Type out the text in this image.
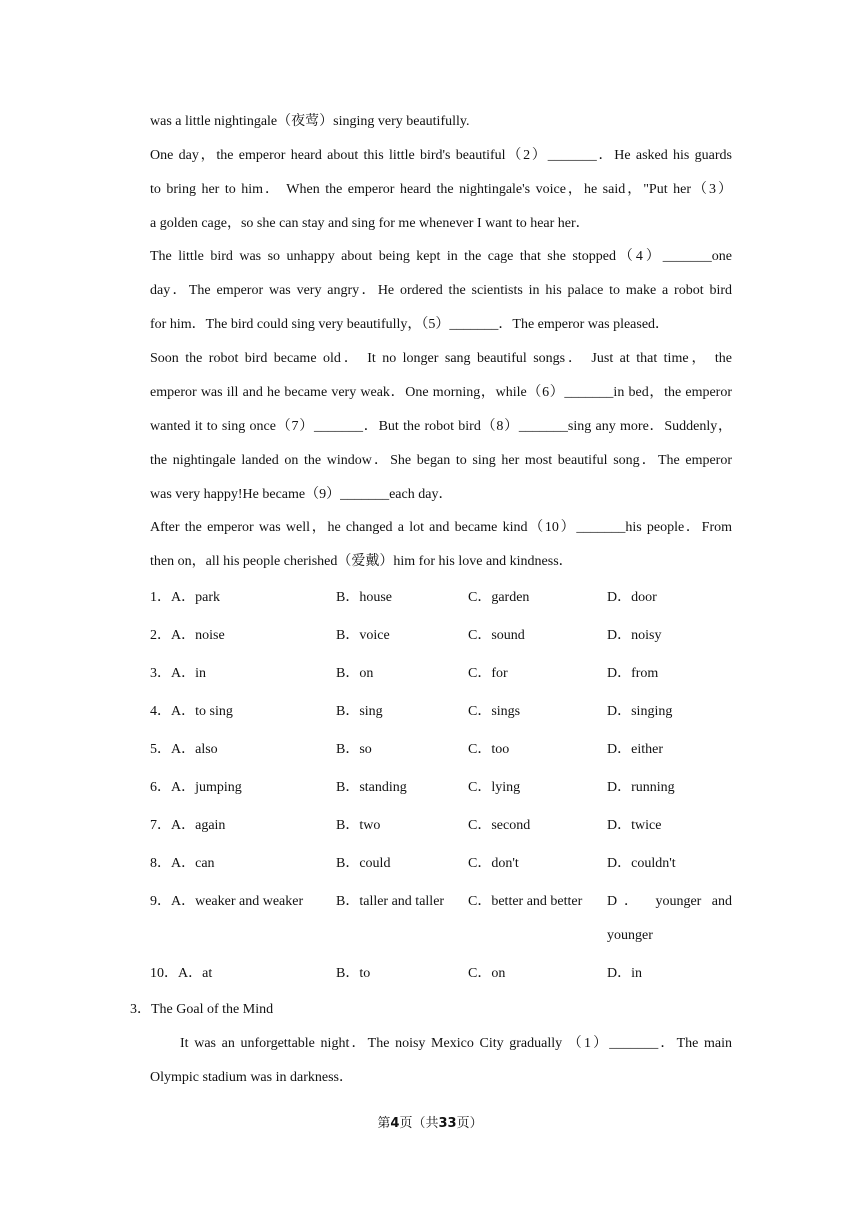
was a little nightingale（夜莺）singing very beautifully.
One day，the emperor heard about this little bird's beautiful（2）_______．He asked his guards
to bring her to him． When the emperor heard the nightingale's voice，he said，"Put her（3）
a golden cage，so she can stay and sing for me whenever I want to hear her．
The little bird was so unhappy about being kept in the cage that she stopped（4）_______one
day．The emperor was very angry．He ordered the scientists in his palace to make a robot bird
for him．The bird could sing very beautifully，（5）_______．The emperor was pleased．
Soon the robot bird became old． It no longer sang beautiful songs． Just at that time， the
emperor was ill and he became very weak．One morning，while（6）_______in bed，the emperor
wanted it to sing once（7）_______．But the robot bird（8）_______sing any more．Suddenly，
the nightingale landed on the window．She began to sing her most beautiful song．The emperor
was very happy!He became（9）_______each day．
After the emperor was well，he changed a lot and became kind（10）_______his people．From
then on，all his people cherished（爱戴）him for his love and kindness．
1．A．park	B．house	C．garden	D．door
2．A．noise	B．voice	C．sound	D．noisy
3．A．in	B．on	C．for	D．from
4．A．to sing	B．sing	C．sings	D．singing
5．A．also	B．so	C．too	D．either
6．A．jumping	B．standing	C．lying	D．running
7．A．again	B．two	C．second	D．twice
8．A．can	B．could	C．don't	D．couldn't
9．A．weaker and weaker B．taller and taller C．better and better D． younger and
younger
10．A．at	B．to	C．on	D．in
3．The Goal of the Mind
It was an unforgettable night．The noisy Mexico City gradually （1）_______．The main
Olympic stadium was in darkness．
第4页（共33页）
